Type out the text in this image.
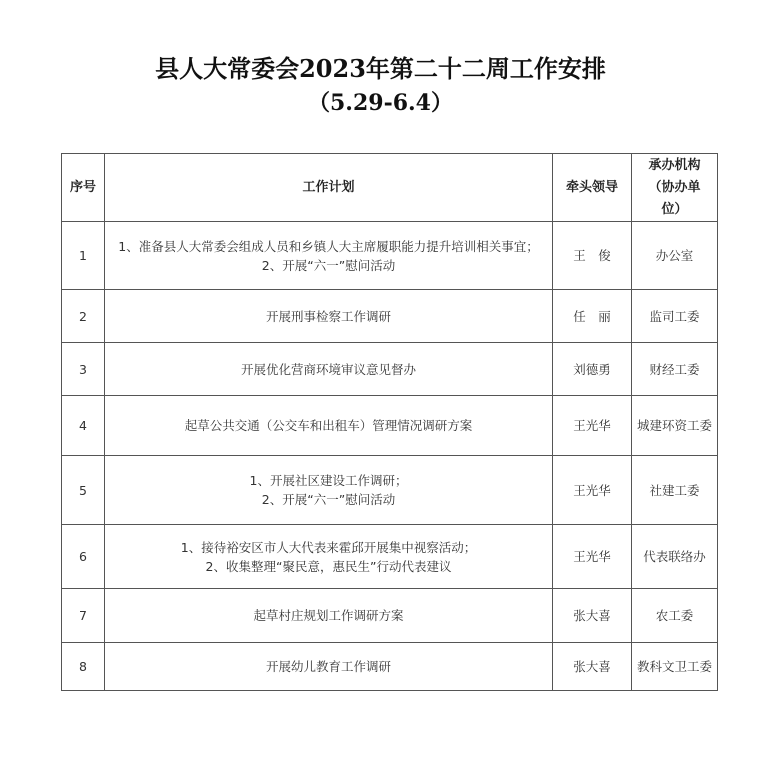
县人大常委会2023年第二十二周工作安排
（5.29-6.4）
序号	工作计划	牵头领导	承办机构
（协办单
位）

1	1、准备县人大常委会组成人员和乡镇人大主席履职能力提升培训相关事宜；
2、开展“六一”慰问活动	王　俊	办公室
2	开展刑事检察工作调研	任　丽	监司工委
3	开展优化营商环境审议意见督办	刘德勇	财经工委
4	起草公共交通（公交车和出租车）管理情况调研方案	王光华	城建环资工委
5	1、开展社区建设工作调研；
2、开展“六一”慰问活动	王光华	社建工委
6	1、接待裕安区市人大代表来霍邱开展集中视察活动；
2、收集整理“聚民意，惠民生”行动代表建议	王光华	代表联络办
7	起草村庄规划工作调研方案	张大喜	农工委
8	开展幼儿教育工作调研	张大喜	教科文卫工委
